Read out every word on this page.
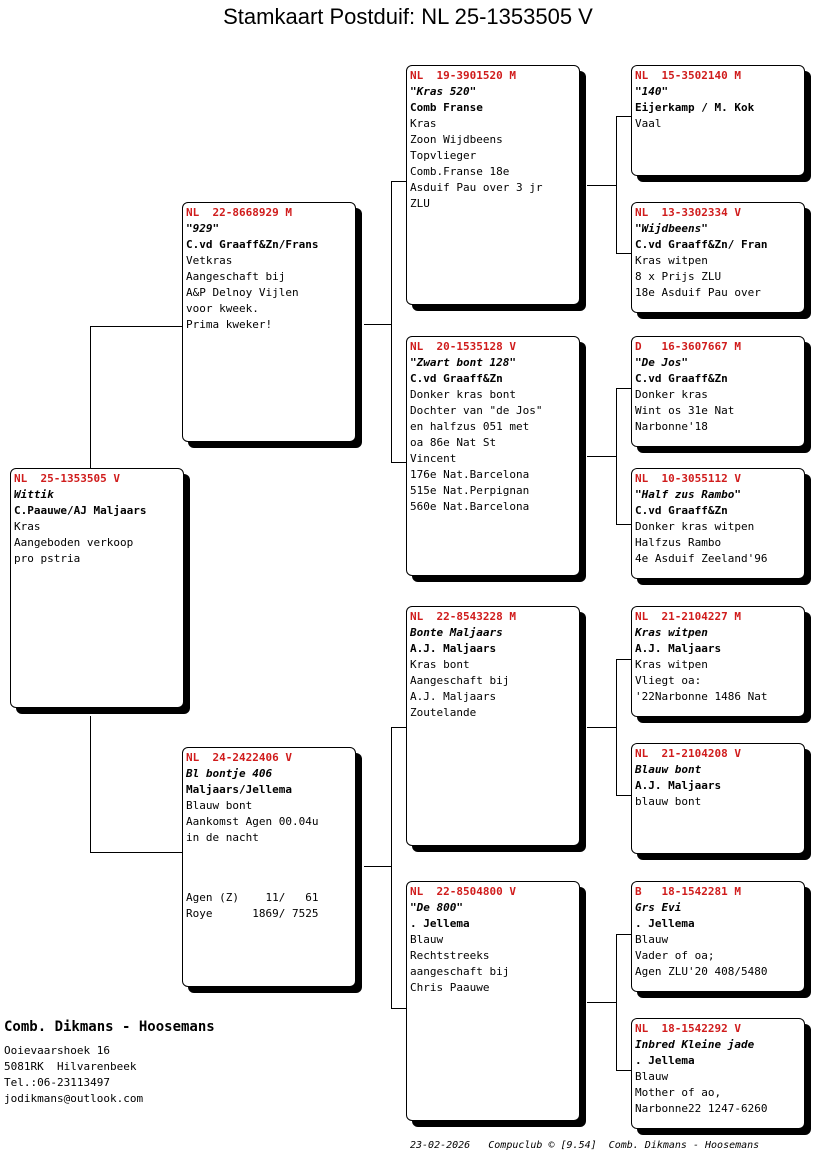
Stamkaart Postduif: NL 25-1353505 V
NL  25-1353505 V
Wittik
C.Paauwe/AJ Maljaars
Kras
Aangeboden verkoop
pro pstria
NL  22-8668929 M
"929"
C.vd Graaff&Zn/Frans
Vetkras
Aangeschaft bij
A&P Delnoy Vijlen
voor kweek.
Prima kweker!
NL  24-2422406 V
Bl bontje 406
Maljaars/Jellema
Blauw bont
Aankomst Agen 00.04u
in de nacht
Agen (Z)    11/   61
Roye      1869/ 7525
NL  19-3901520 M
"Kras 520"
Comb Franse
Kras
Zoon Wijdbeens
Topvlieger
Comb.Franse 18e
Asduif Pau over 3 jr
ZLU
NL  20-1535128 V
"Zwart bont 128"
C.vd Graaff&Zn
Donker kras bont
Dochter van "de Jos"
en halfzus 051 met
oa 86e Nat St
Vincent
176e Nat.Barcelona
515e Nat.Perpignan
560e Nat.Barcelona
NL  22-8543228 M
Bonte Maljaars
A.J. Maljaars
Kras bont
Aangeschaft bij
A.J. Maljaars
Zoutelande
NL  22-8504800 V
"De 800"
. Jellema
Blauw
Rechtstreeks
aangeschaft bij
Chris Paauwe
NL  15-3502140 M
"140"
Eijerkamp / M. Kok
Vaal
NL  13-3302334 V
"Wijdbeens"
C.vd Graaff&Zn/ Fran
Kras witpen
8 x Prijs ZLU
18e Asduif Pau over
D   16-3607667 M
"De Jos"
C.vd Graaff&Zn
Donker kras
Wint os 31e Nat
Narbonne'18
NL  10-3055112 V
"Half zus Rambo"
C.vd Graaff&Zn
Donker kras witpen
Halfzus Rambo
4e Asduif Zeeland'96
NL  21-2104227 M
Kras witpen
A.J. Maljaars
Kras witpen
Vliegt oa:
'22Narbonne 1486 Nat
NL  21-2104208 V
Blauw bont
A.J. Maljaars
blauw bont
B   18-1542281 M
Grs Evi
. Jellema
Blauw
Vader of oa;
Agen ZLU'20 408/5480
NL  18-1542292 V
Inbred Kleine jade
. Jellema
Blauw
Mother of ao,
Narbonne22 1247-6260
Comb. Dikmans - Hoosemans
Ooievaarshoek 16
5081RK  Hilvarenbeek
Tel.:06-23113497
jodikmans@outlook.com
23-02-2026   Compuclub © [9.54]  Comb. Dikmans - Hoosemans
